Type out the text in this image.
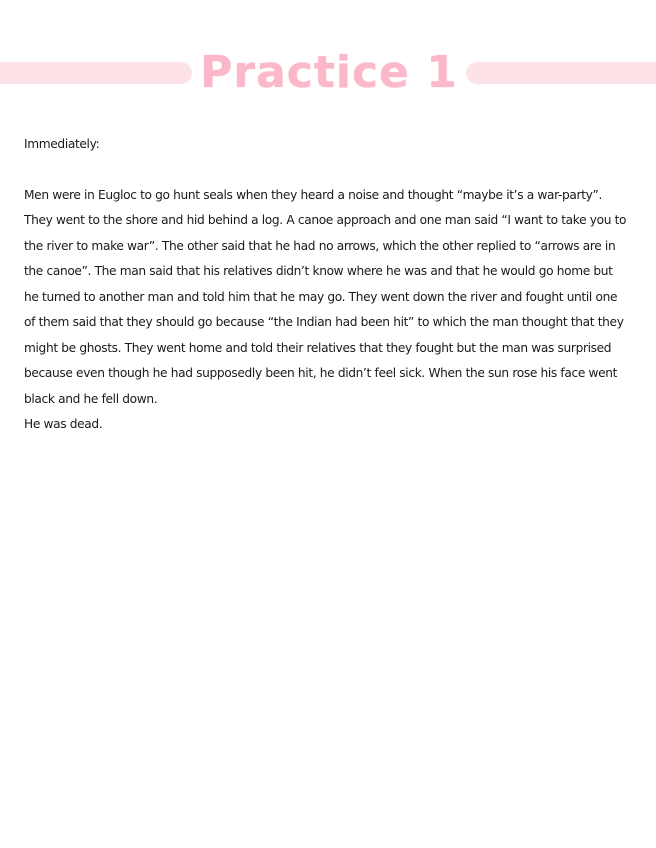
Practice 1

Immediately:

Men were in Eugloc to go hunt seals when they heard a noise and thought “maybe it’s a war-party”. They went to the shore and hid behind a log. A canoe approach and one man said “I want to take you to the river to make war”. The other said that he had no arrows, which the other replied to “arrows are in the canoe”. The man said that his relatives didn’t know where he was and that he would go home but he turned to another man and told him that he may go. They went down the river and fought until one of them said that they should go because “the Indian had been hit” to which the man thought that they might be ghosts. They went home and told their relatives that they fought but the man was surprised because even though he had supposedly been hit, he didn’t feel sick. When the sun rose his face went black and he fell down.

He was dead.
